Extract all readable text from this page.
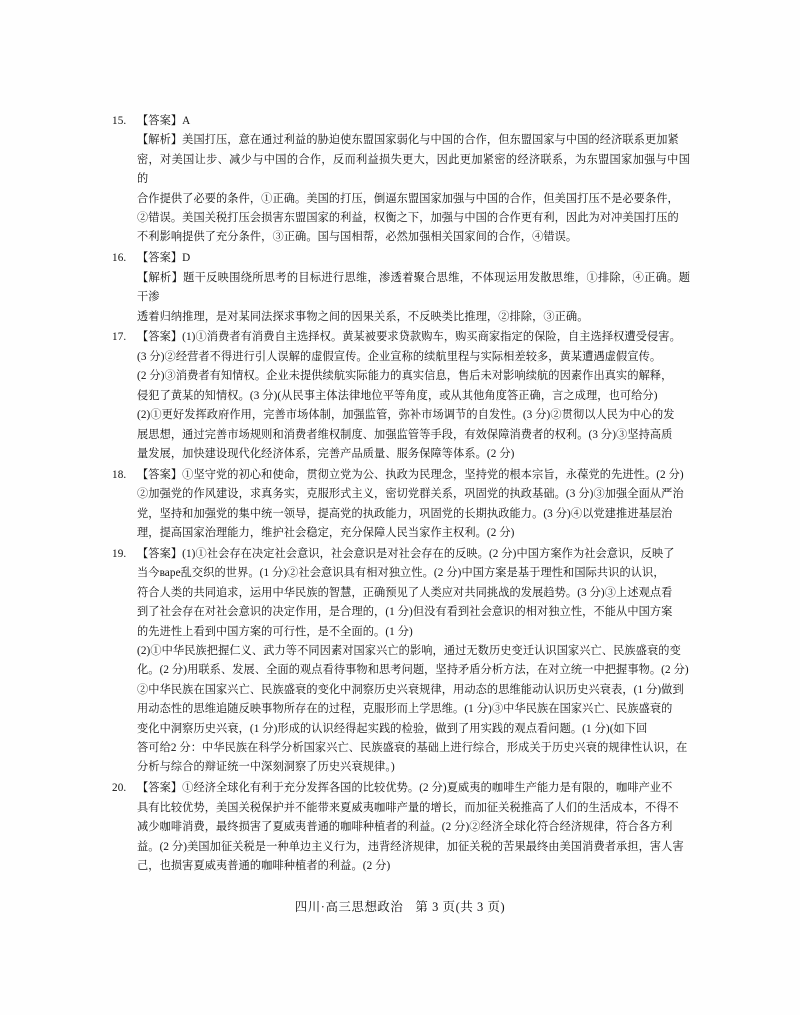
15. 【答案】A
【解析】美国打压，意在通过利益的胁迫使东盟国家弱化与中国的合作，但东盟国家与中国的经济联系更加紧
密，对美国让步、减少与中国的合作，反而利益损失更大，因此更加紧密的经济联系，为东盟国家加强与中国的
合作提供了必要的条件，①正确。美国的打压，倒逼东盟国家加强与中国的合作，但美国打压不是必要条件，
②错误。美国关税打压会损害东盟国家的利益，权衡之下，加强与中国的合作更有利，因此为对冲美国打压的
不利影响提供了充分条件，③正确。国与国相帮，必然加强相关国家间的合作，④错误。
16. 【答案】D
【解析】题干反映围绕所思考的目标进行思维，渗透着聚合思维，不体现运用发散思维，①排除，④正确。题干渗
透着归纳推理，是对某同法探求事物之间的因果关系，不反映类比推理，②排除，③正确。
17. 【答案】(1)①消费者有消费自主选择权。黄某被要求贷款购车，购买商家指定的保险，自主选择权遭受侵害。
(3 分)②经营者不得进行引人误解的虚假宣传。企业宣称的续航里程与实际相差较多，黄某遭遇虚假宣传。
(2 分)③消费者有知情权。企业未提供续航实际能力的真实信息，售后未对影响续航的因素作出真实的解释，
侵犯了黄某的知情权。(3 分)(从民事主体法律地位平等角度，或从其他角度答正确，言之成理，也可给分)
(2)①更好发挥政府作用，完善市场体制，加强监管，弥补市场调节的自发性。(3 分)②贯彻以人民为中心的发
展思想，通过完善市场规则和消费者维权制度、加强监管等手段，有效保障消费者的权利。(3 分)③坚持高质
量发展，加快建设现代化经济体系，完善产品质量、服务保障等体系。(2 分)
18. 【答案】①坚守党的初心和使命，贯彻立党为公、执政为民理念，坚持党的根本宗旨，永葆党的先进性。(2 分)
②加强党的作风建设，求真务实，克服形式主义，密切党群关系，巩固党的执政基础。(3 分)③加强全面从严治
党，坚持和加强党的集中统一领导，提高党的执政能力，巩固党的长期执政能力。(3 分)④以党建推进基层治
理，提高国家治理能力，维护社会稳定，充分保障人民当家作主权利。(2 分)
19. 【答案】(1)①社会存在决定社会意识，社会意识是对社会存在的反映。(2 分)中国方案作为社会意识，反映了
当今варе乱交织的世界。(1 分)②社会意识具有相对独立性。(2 分)中国方案是基于理性和国际共识的认识，
符合人类的共同追求，运用中华民族的智慧，正确预见了人类应对共同挑战的发展趋势。(3 分)③上述观点看
到了社会存在对社会意识的决定作用，是合理的，(1 分)但没有看到社会意识的相对独立性，不能从中国方案
的先进性上看到中国方案的可行性，是不全面的。(1 分)
(2)①中华民族把握仁义、武力等不同因素对国家兴亡的影响，通过无数历史变迁认识国家兴亡、民族盛衰的变
化。(2 分)用联系、发展、全面的观点看待事物和思考问题，坚持矛盾分析方法，在对立统一中把握事物。(2 分)
②中华民族在国家兴亡、民族盛衰的变化中洞察历史兴衰规律，用动态的思维能动认识历史兴衰表，(1 分)做到
用动态性的思维追随反映事物所存在的过程，克服形而上学思维。(1 分)③中华民族在国家兴亡、民族盛衰的
变化中洞察历史兴衰，(1 分)形成的认识经得起实践的检验，做到了用实践的观点看问题。(1 分)(如下回
答可给2 分：中华民族在科学分析国家兴亡、民族盛衰的基础上进行综合，形成关于历史兴衰的规律性认识，在
分析与综合的辩证统一中深刻洞察了历史兴衰规律。)
20. 【答案】①经济全球化有利于充分发挥各国的比较优势。(2 分)夏威夷的咖啡生产能力是有限的，咖啡产业不
具有比较优势，美国关税保护并不能带来夏威夷咖啡产量的增长，而加征关税推高了人们的生活成本，不得不
减少咖啡消费，最终损害了夏威夷普通的咖啡种植者的利益。(2 分)②经济全球化符合经济规律，符合各方利
益。(2 分)美国加征关税是一种单边主义行为，违背经济规律，加征关税的苦果最终由美国消费者承担，害人害
己，也损害夏威夷普通的咖啡种植者的利益。(2 分)
四川·高三思想政治 第 3 页(共 3 页)
